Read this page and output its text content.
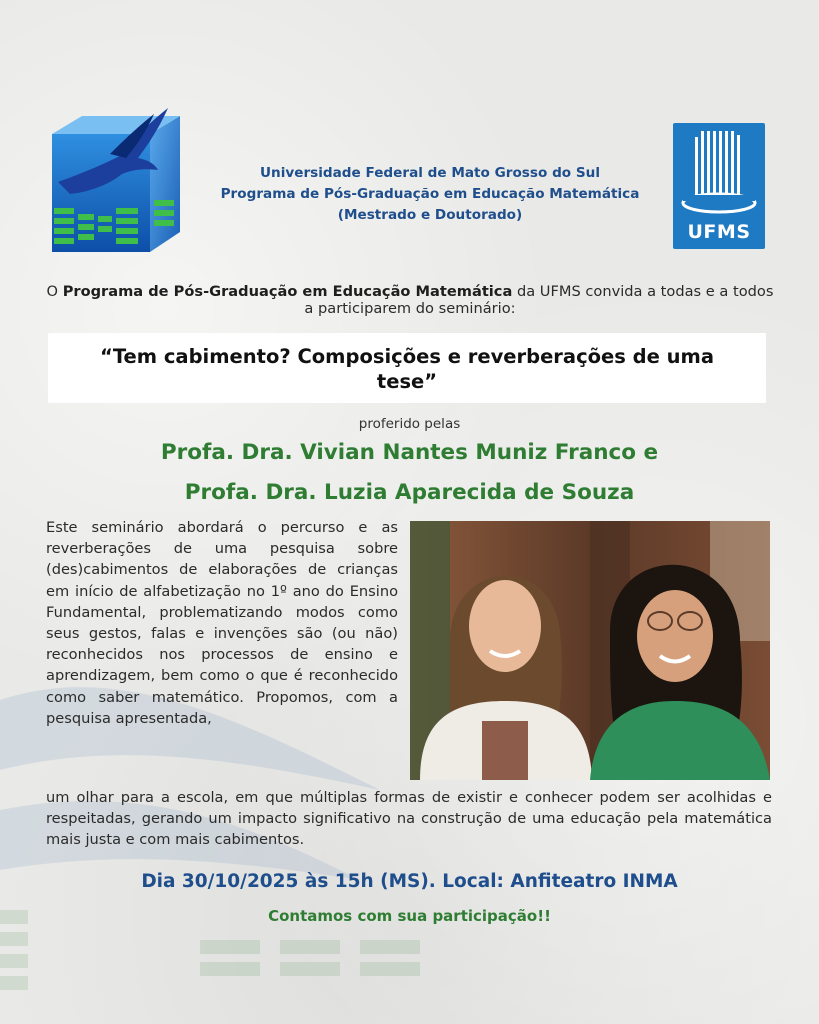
Universidade Federal de Mato Grosso do Sul
Programa de Pós-Graduação em Educação Matemática
(Mestrado e Doutorado)
UFMS
O Programa de Pós-Graduação em Educação Matemática da UFMS convida a todas e a todos a participarem do seminário:
“Tem cabimento? Composições e reverberações de uma tese”
proferido pelas
Profa. Dra. Vivian Nantes Muniz Franco e
Profa. Dra. Luzia Aparecida de Souza
Este seminário abordará o percurso e as reverberações de uma pesquisa sobre (des)cabimentos de elaborações de crianças em início de alfabetização no 1º ano do Ensino Fundamental, problematizando modos como seus gestos, falas e invenções são (ou não) reconhecidos nos processos de ensino e aprendizagem, bem como o que é reconhecido como saber matemático. Propomos, com a pesquisa apresentada,
um olhar para a escola, em que múltiplas formas de existir e conhecer podem ser acolhidas e respeitadas, gerando um impacto significativo na construção de uma educação pela matemática mais justa e com mais cabimentos.
Dia 30/10/2025 às 15h (MS). Local: Anfiteatro INMA
Contamos com sua participação!!
